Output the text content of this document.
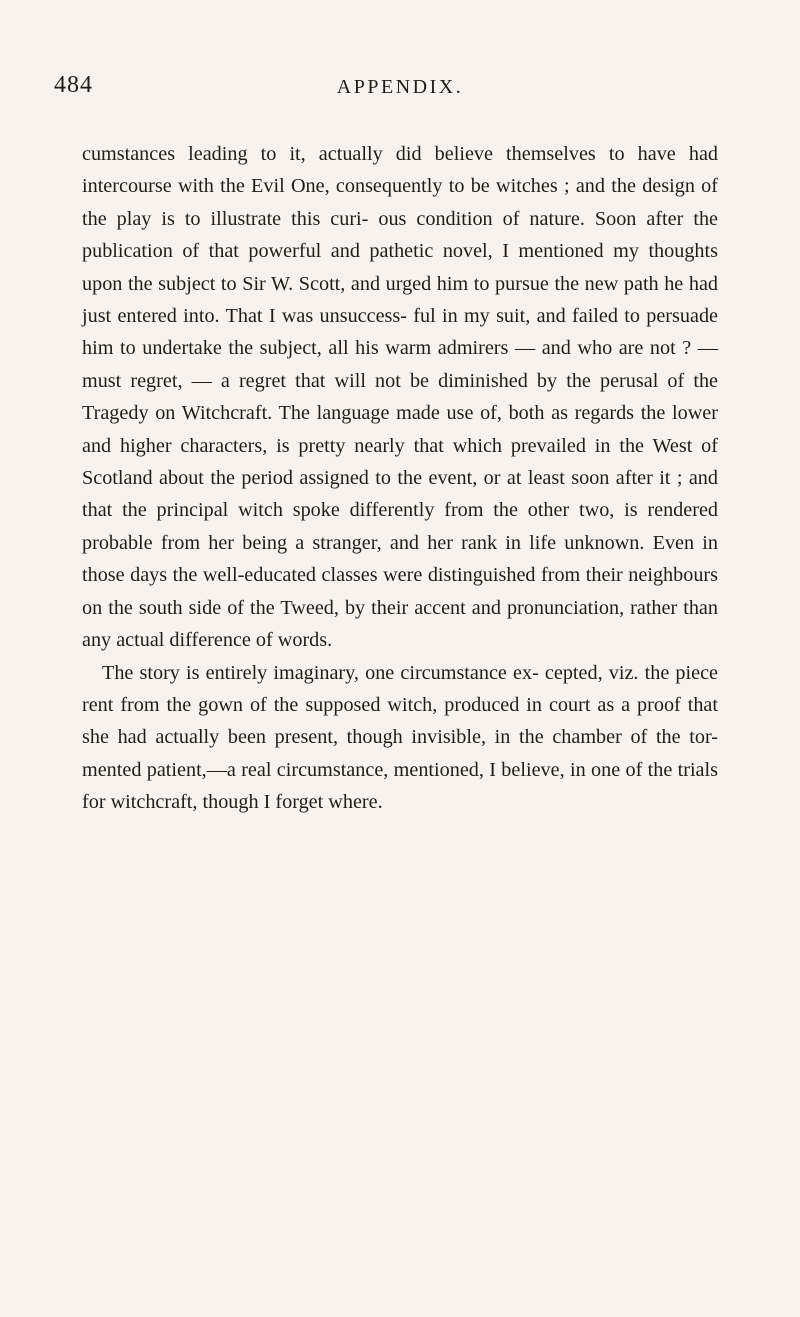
484	APPENDIX.

cumstances leading to it, actually did believe themselves to have had intercourse with the Evil One, consequently to be witches ; and the design of the play is to illustrate this curi- ous condition of nature. Soon after the publication of that powerful and pathetic novel, I mentioned my thoughts upon the subject to Sir W. Scott, and urged him to pursue the new path he had just entered into. That I was unsuccess- ful in my suit, and failed to persuade him to undertake the subject, all his warm admirers — and who are not ? — must regret, — a regret that will not be diminished by the perusal of the Tragedy on Witchcraft. The language made use of, both as regards the lower and higher characters, is pretty nearly that which prevailed in the West of Scotland about the period assigned to the event, or at least soon after it ; and that the principal witch spoke differently from the other two, is rendered probable from her being a stranger, and her rank in life unknown. Even in those days the well-educated classes were distinguished from their neighbours on the south side of the Tweed, by their accent and pronunciation, rather than any actual difference of words.

The story is entirely imaginary, one circumstance ex- cepted, viz. the piece rent from the gown of the supposed witch, produced in court as a proof that she had actually been present, though invisible, in the chamber of the tor- mented patient,—a real circumstance, mentioned, I believe, in one of the trials for witchcraft, though I forget where.
